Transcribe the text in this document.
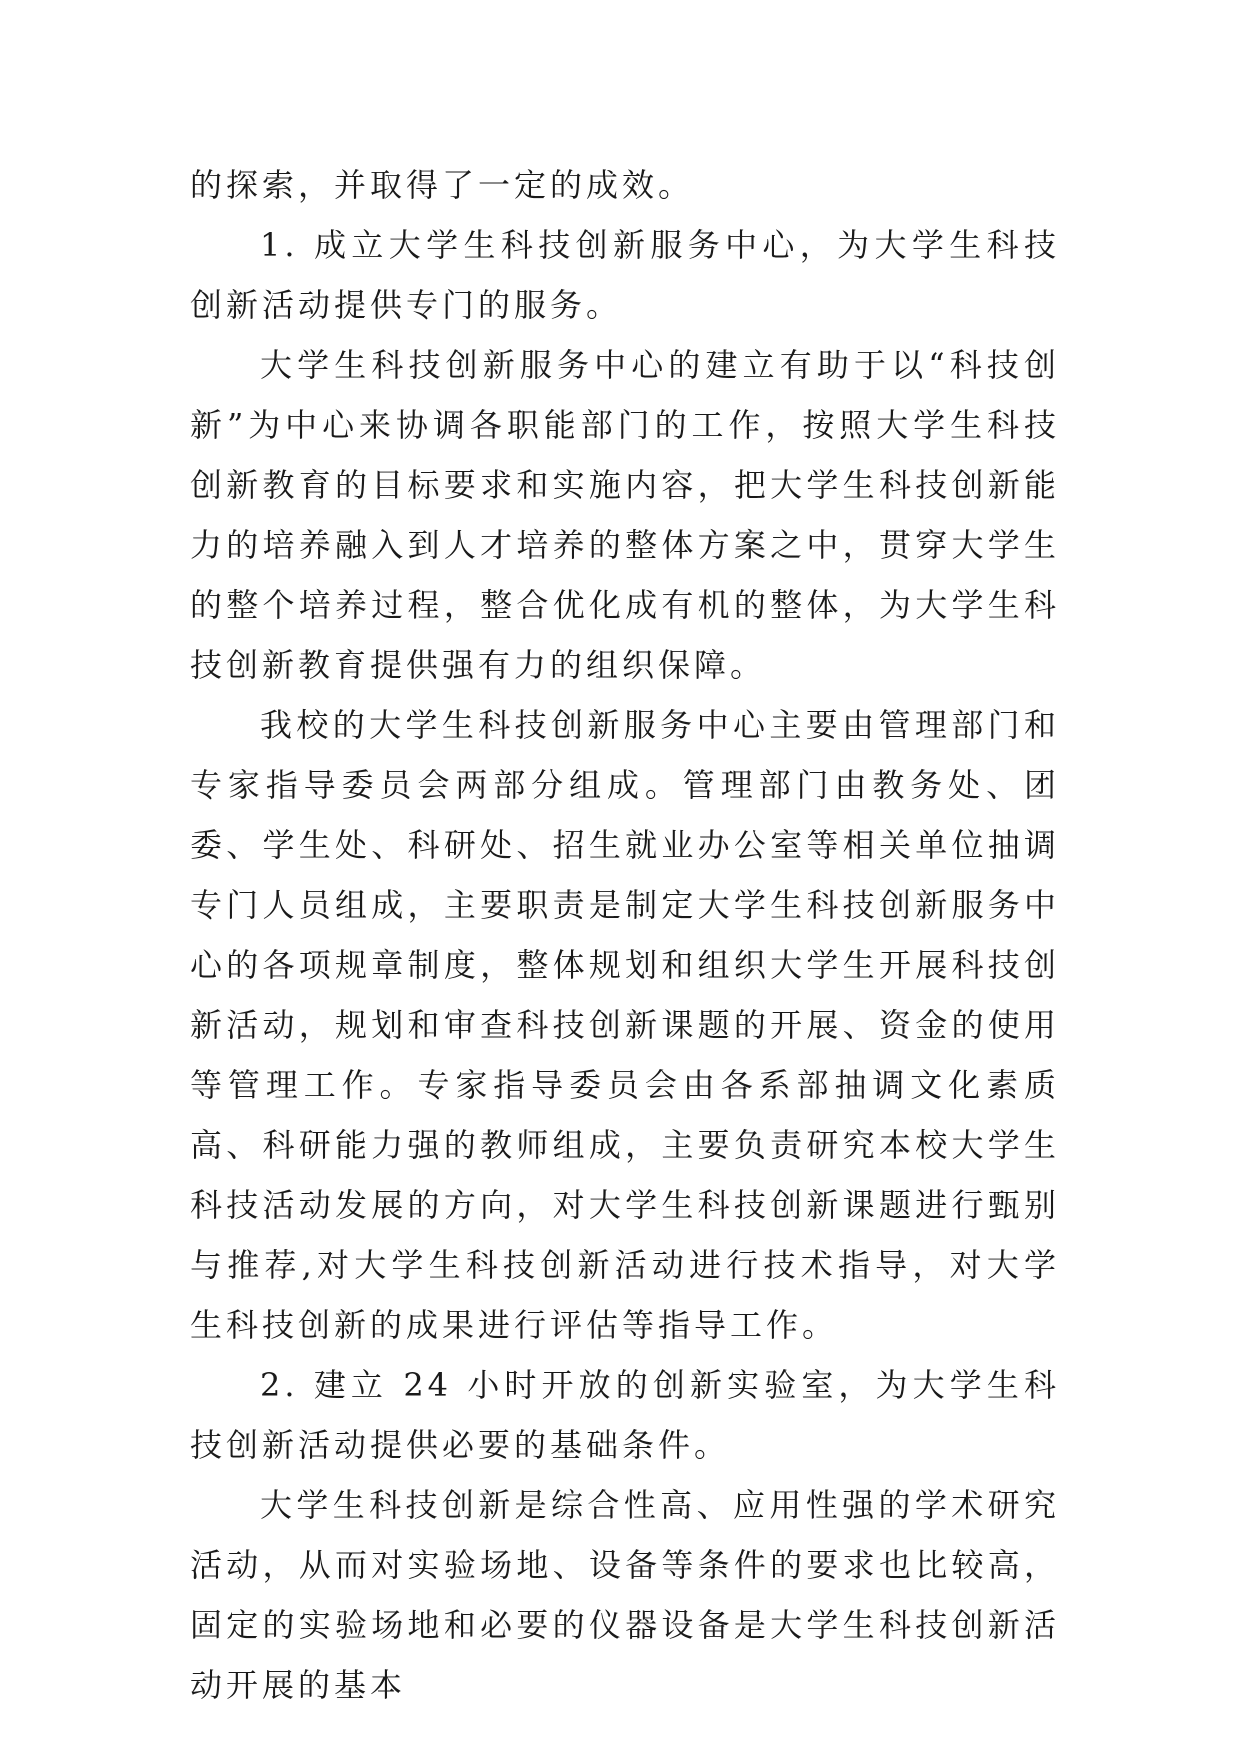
的探索，并取得了一定的成效。

1. 成立大学生科技创新服务中心，为大学生科技创新活动提供专门的服务。

大学生科技创新服务中心的建立有助于以“科技创新”为中心来协调各职能部门的工作，按照大学生科技创新教育的目标要求和实施内容，把大学生科技创新能力的培养融入到人才培养的整体方案之中，贯穿大学生的整个培养过程，整合优化成有机的整体，为大学生科技创新教育提供强有力的组织保障。

我校的大学生科技创新服务中心主要由管理部门和专家指导委员会两部分组成。管理部门由教务处、团委、学生处、科研处、招生就业办公室等相关单位抽调专门人员组成，主要职责是制定大学生科技创新服务中心的各项规章制度，整体规划和组织大学生开展科技创新活动，规划和审查科技创新课题的开展、资金的使用等管理工作。专家指导委员会由各系部抽调文化素质高、科研能力强的教师组成，主要负责研究本校大学生科技活动发展的方向，对大学生科技创新课题进行甄别与推荐,对大学生科技创新活动进行技术指导，对大学生科技创新的成果进行评估等指导工作。

2. 建立 24 小时开放的创新实验室，为大学生科技创新活动提供必要的基础条件。

大学生科技创新是综合性高、应用性强的学术研究活动，从而对实验场地、设备等条件的要求也比较高，固定的实验场地和必要的仪器设备是大学生科技创新活动开展的基本
